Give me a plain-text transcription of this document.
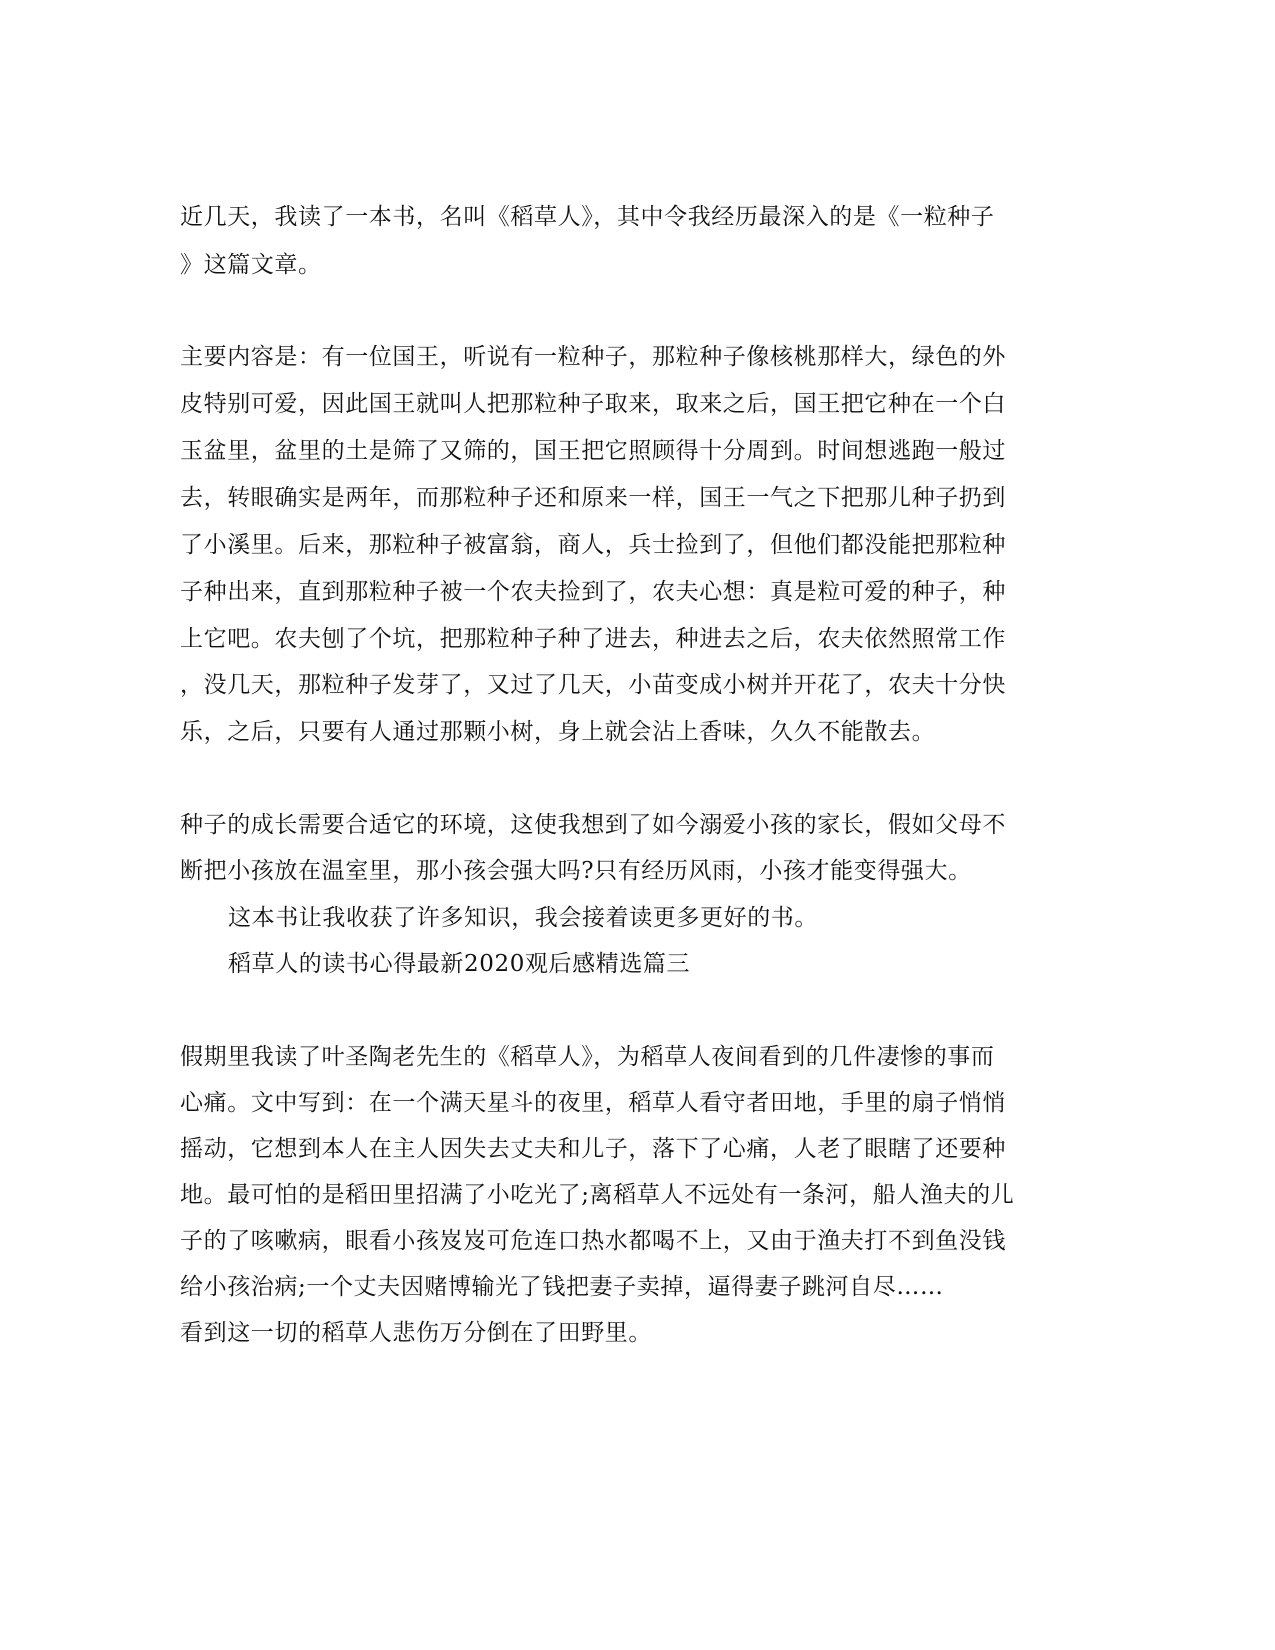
近几天，我读了一本书，名叫《稻草人》，其中令我经历最深入的是《一粒种子
》这篇文章。
主要内容是：有一位国王，听说有一粒种子，那粒种子像核桃那样大，绿色的外
皮特别可爱，因此国王就叫人把那粒种子取来，取来之后，国王把它种在一个白
玉盆里，盆里的土是筛了又筛的，国王把它照顾得十分周到。时间想逃跑一般过
去，转眼确实是两年，而那粒种子还和原来一样，国王一气之下把那儿种子扔到
了小溪里。后来，那粒种子被富翁，商人，兵士捡到了，但他们都没能把那粒种
子种出来，直到那粒种子被一个农夫捡到了，农夫心想：真是粒可爱的种子，种
上它吧。农夫刨了个坑，把那粒种子种了进去，种进去之后，农夫依然照常工作
，没几天，那粒种子发芽了，又过了几天，小苗变成小树并开花了，农夫十分快
乐，之后，只要有人通过那颗小树，身上就会沾上香味，久久不能散去。
种子的成长需要合适它的环境，这使我想到了如今溺爱小孩的家长，假如父母不
断把小孩放在温室里，那小孩会强大吗?只有经历风雨，小孩才能变得强大。
这本书让我收获了许多知识，我会接着读更多更好的书。
稻草人的读书心得最新2020观后感精选篇三
假期里我读了叶圣陶老先生的《稻草人》，为稻草人夜间看到的几件凄惨的事而
心痛。文中写到：在一个满天星斗的夜里，稻草人看守者田地，手里的扇子悄悄
摇动，它想到本人在主人因失去丈夫和儿子，落下了心痛，人老了眼瞎了还要种
地。最可怕的是稻田里招满了小吃光了;离稻草人不远处有一条河，船人渔夫的儿
子的了咳嗽病，眼看小孩岌岌可危连口热水都喝不上，又由于渔夫打不到鱼没钱
给小孩治病;一个丈夫因赌博输光了钱把妻子卖掉，逼得妻子跳河自尽……
看到这一切的稻草人悲伤万分倒在了田野里。
